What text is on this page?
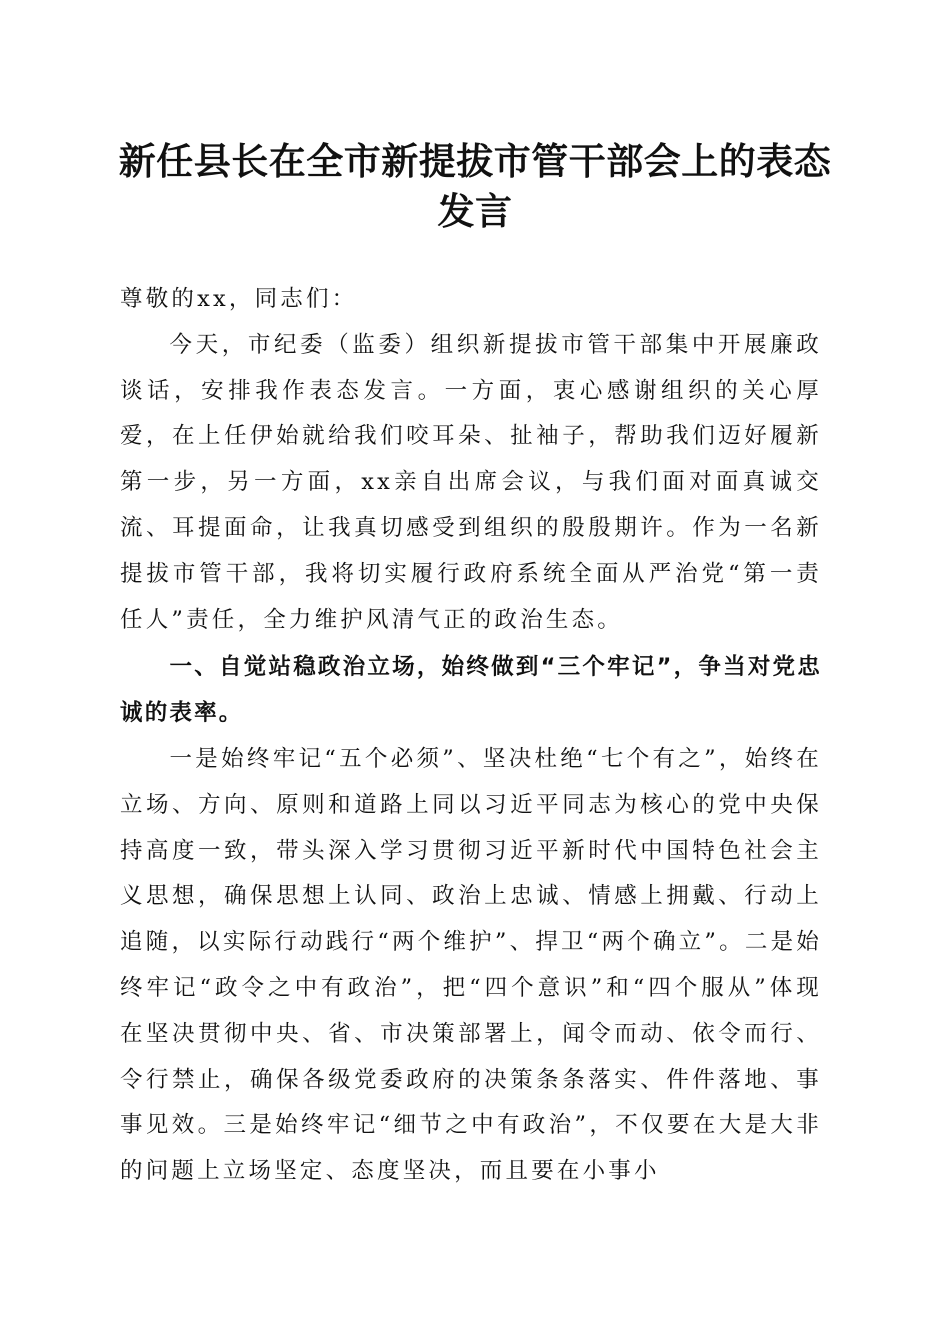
新任县长在全市新提拔市管干部会上的表态发言

尊敬的xx，同志们：

今天，市纪委（监委）组织新提拔市管干部集中开展廉政谈话，安排我作表态发言。一方面，衷心感谢组织的关心厚爱，在上任伊始就给我们咬耳朵、扯袖子，帮助我们迈好履新第一步，另一方面，xx亲自出席会议，与我们面对面真诚交流、耳提面命，让我真切感受到组织的殷殷期许。作为一名新提拔市管干部，我将切实履行政府系统全面从严治党“第一责任人”责任，全力维护风清气正的政治生态。

一、自觉站稳政治立场，始终做到“三个牢记”，争当对党忠诚的表率。

一是始终牢记“五个必须”、坚决杜绝“七个有之”，始终在立场、方向、原则和道路上同以习近平同志为核心的党中央保持高度一致，带头深入学习贯彻习近平新时代中国特色社会主义思想，确保思想上认同、政治上忠诚、情感上拥戴、行动上追随，以实际行动践行“两个维护”、捍卫“两个确立”。二是始终牢记“政令之中有政治”，把“四个意识”和“四个服从”体现在坚决贯彻中央、省、市决策部署上，闻令而动、依令而行、令行禁止，确保各级党委政府的决策条条落实、件件落地、事事见效。三是始终牢记“细节之中有政治”，不仅要在大是大非的问题上立场坚定、态度坚决，而且要在小事小
